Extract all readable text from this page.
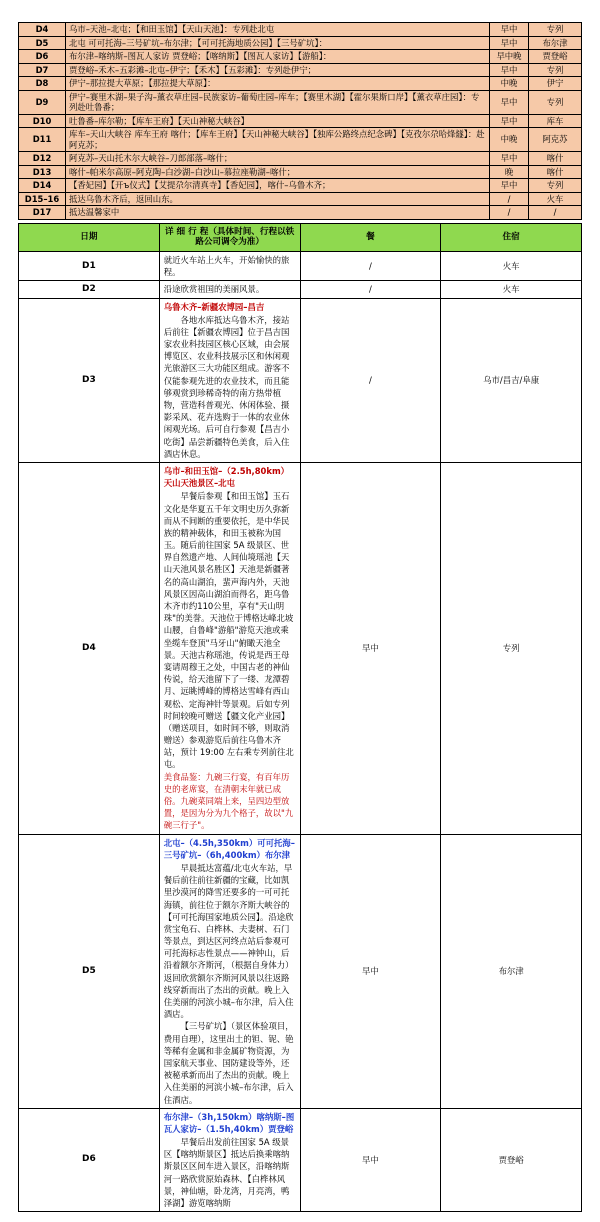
D4	乌市–天池–北屯；【和田玉馆】【天山天池】：专列赴北屯	早中	专列
D5	北屯 可可托海–三号矿坑–布尔津；【可可托海地质公园】【三号矿坑】：	早中	布尔津
D6	布尔津–喀纳斯–图瓦人家访 贾登峪；【喀纳斯】【图瓦人家访】【游船】：	早中晚	贾登峪
D7	贾登峪–禾木–五彩滩–北屯–伊宁；【禾木】【五彩滩】：专列赴伊宁；	早中	专列
D8	伊宁–那拉提大草原；【那拉提大草原】：	中晚	伊宁
D9	伊宁–赛里木湖–果子沟–薰衣草庄园–民族家访–葡萄庄园–库车；【赛里木湖】【霍尔果斯口岸】【薰衣草庄园】：专列赴吐鲁番；	早中	专列
D10	吐鲁番–库尔勒；【库车王府】【天山神秘大峡谷】	早中	库车
D11	库车–天山大峡谷 库车王府 喀什；【库车王府】【天山神秘大峡谷】【独库公路终点纪念碑】【克孜尔尕哈烽燧】：赴阿克苏；	中晚	阿克苏
D12	阿克苏–天山托木尔大峡谷–刀郎部落–喀什；	早中	喀什
D13	喀什–帕米尔高原–阿克陶–白沙湖–白沙山–慕拉座勒湖–喀什；	晚	喀什
D14	【香妃园】【开ъ仪式】【艾提尕尔清真寺】【香妃园】，喀什–乌鲁木齐；	早中	专列
D15–16	抵达乌鲁木齐后，返回山东。	/	火车
D17	抵达温馨家中	/	/
日期	详 细 行 程（具体时间、行程以铁路公司调令为准）	餐	住宿
D1	就近火车站上火车，开始愉快的旅程。	/	火车
D2	沿途欣赏祖国的美丽风景。	/	火车
D3	乌鲁木齐–新疆农博园–昌吉
各地水库抵达乌鲁木齐，接站后前往【新疆农博园】位于昌吉国家农业科技园区核心区域，由会展博览区、农业科技展示区和休闲观光旅游区三大功能区组成。游客不仅能参观先进的农业技术，而且能够观赏到珍稀奇特的南方热带植物，营造科普观光、休闲体验、摄影采风、花卉选购于一体的农业休闲观光场。后可自行参观【昌吉小吃街】品尝新疆特色美食，后入住酒店休息。	/	乌市/昌吉/阜康
D4	乌市–和田玉馆–（2.5h,80km）天山天池景区–北屯
早餐后参观【和田玉馆】玉石文化是华夏五千年文明史历久弥新而从不间断的重要依托，是中华民族的精神载体，和田玉被称为国玉。随后前往国家 5A 级景区、世界自然遗产地、人间仙境瑶池【天山天池风景名胜区】天池是新疆著名的高山湖泊，蜚声海内外，天池风景区因高山湖泊而得名，距乌鲁木齐市约110公里，享有"天山明珠"的美誉。天池位于博格达峰北坡山腰，自鲁峰"游船"游览天池或乘坐缆车登顶"马牙山"俯瞰天池全景。天池古称瑶池，传说是西王母宴请周穆王之处，中国古老的神仙传说，给天池留下了一缕、龙潭碧月、远眺博峰的博格达雪峰有西山观松、定海神针等景观。后如专列时间较晚可赠送【疆文化产业园】（赠送项目，如时间不够，则取消赠送）参观游览后前往乌鲁木齐站，预计 19:00 左右乘专列前往北屯。
美食品鉴：九碗三行宴，有百年历史的老席宴，在清朝末年就已成俗。九碗菜同端上来，呈四边型放置，是因为分为九个格子，故以"九碗三行子"。	早中	专列
D5	北屯–（4.5h,350km）可可托海–三号矿坑–（6h,400km）布尔津
早晨抵达富蕴/北屯火车站，早餐后前往前往新疆的宝藏，比如凯里沙漠河的降雪还要多的一可可托海镇，前往位于额尔齐斯大峡谷的【可可托海国家地质公园】。沿途欣赏宝龟石、白桦林、夫妻树、石门等景点，到达区河终点站后参观可可托海标志性景点——神钟山，后沿着额尔齐斯河，（根据自身体力）返回欣赏额尔齐斯河风景以往返路线穿新而出了杰出的贡献。晚上入住美丽的河滨小城–布尔津，后入住酒店。
【三号矿坑】（景区体验项目，费用自理），这里出土的钽、铌、铯等稀有金属和非金属矿物资源，为国家航天事业、国防建设等外，还被秘承新而出了杰出的贡献。晚上入住美丽的河滨小城–布尔津，后入住酒店。	早中	布尔津
D6	布尔津–（3h,150km）喀纳斯–图瓦人家访–（1.5h,40km）贾登峪
早餐后出发前往国家 5A 级景区【喀纳斯景区】抵达后换乘喀纳斯景区区间车进入景区，沿喀纳斯河一路欣赏原始森林、【白桦林风景，神仙塘，卧龙湾，月亮湾，鸭泽湖】游览喀纳斯	早中	贾登峪
